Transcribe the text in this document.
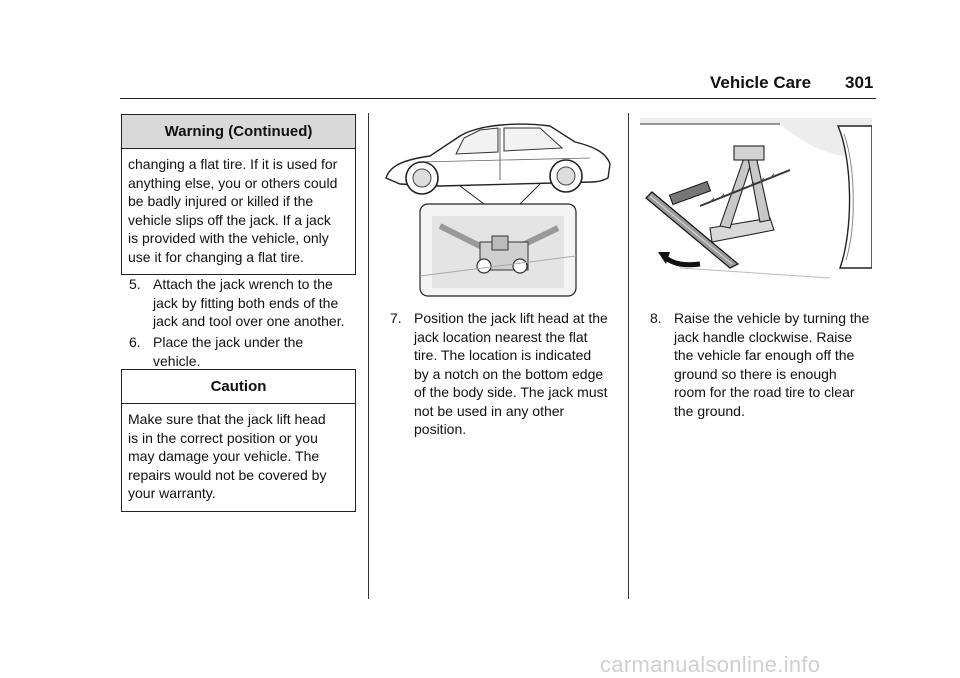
Vehicle Care 301
Warning (Continued)
changing a flat tire. If it is used for
anything else, you or others could
be badly injured or killed if the
vehicle slips off the jack. If a jack
is provided with the vehicle, only
use it for changing a flat tire.
5. Attach the jack wrench to the
jack by fitting both ends of the
jack and tool over one another.
6. Place the jack under the
vehicle.
Caution
Make sure that the jack lift head
is in the correct position or you
may damage your vehicle. The
repairs would not be covered by
your warranty.
7. Position the jack lift head at the
jack location nearest the flat
tire. The location is indicated
by a notch on the bottom edge
of the body side. The jack must
not be used in any other
position.
8. Raise the vehicle by turning the
jack handle clockwise. Raise
the vehicle far enough off the
ground so there is enough
room for the road tire to clear
the ground.
carmanualsonline.info
